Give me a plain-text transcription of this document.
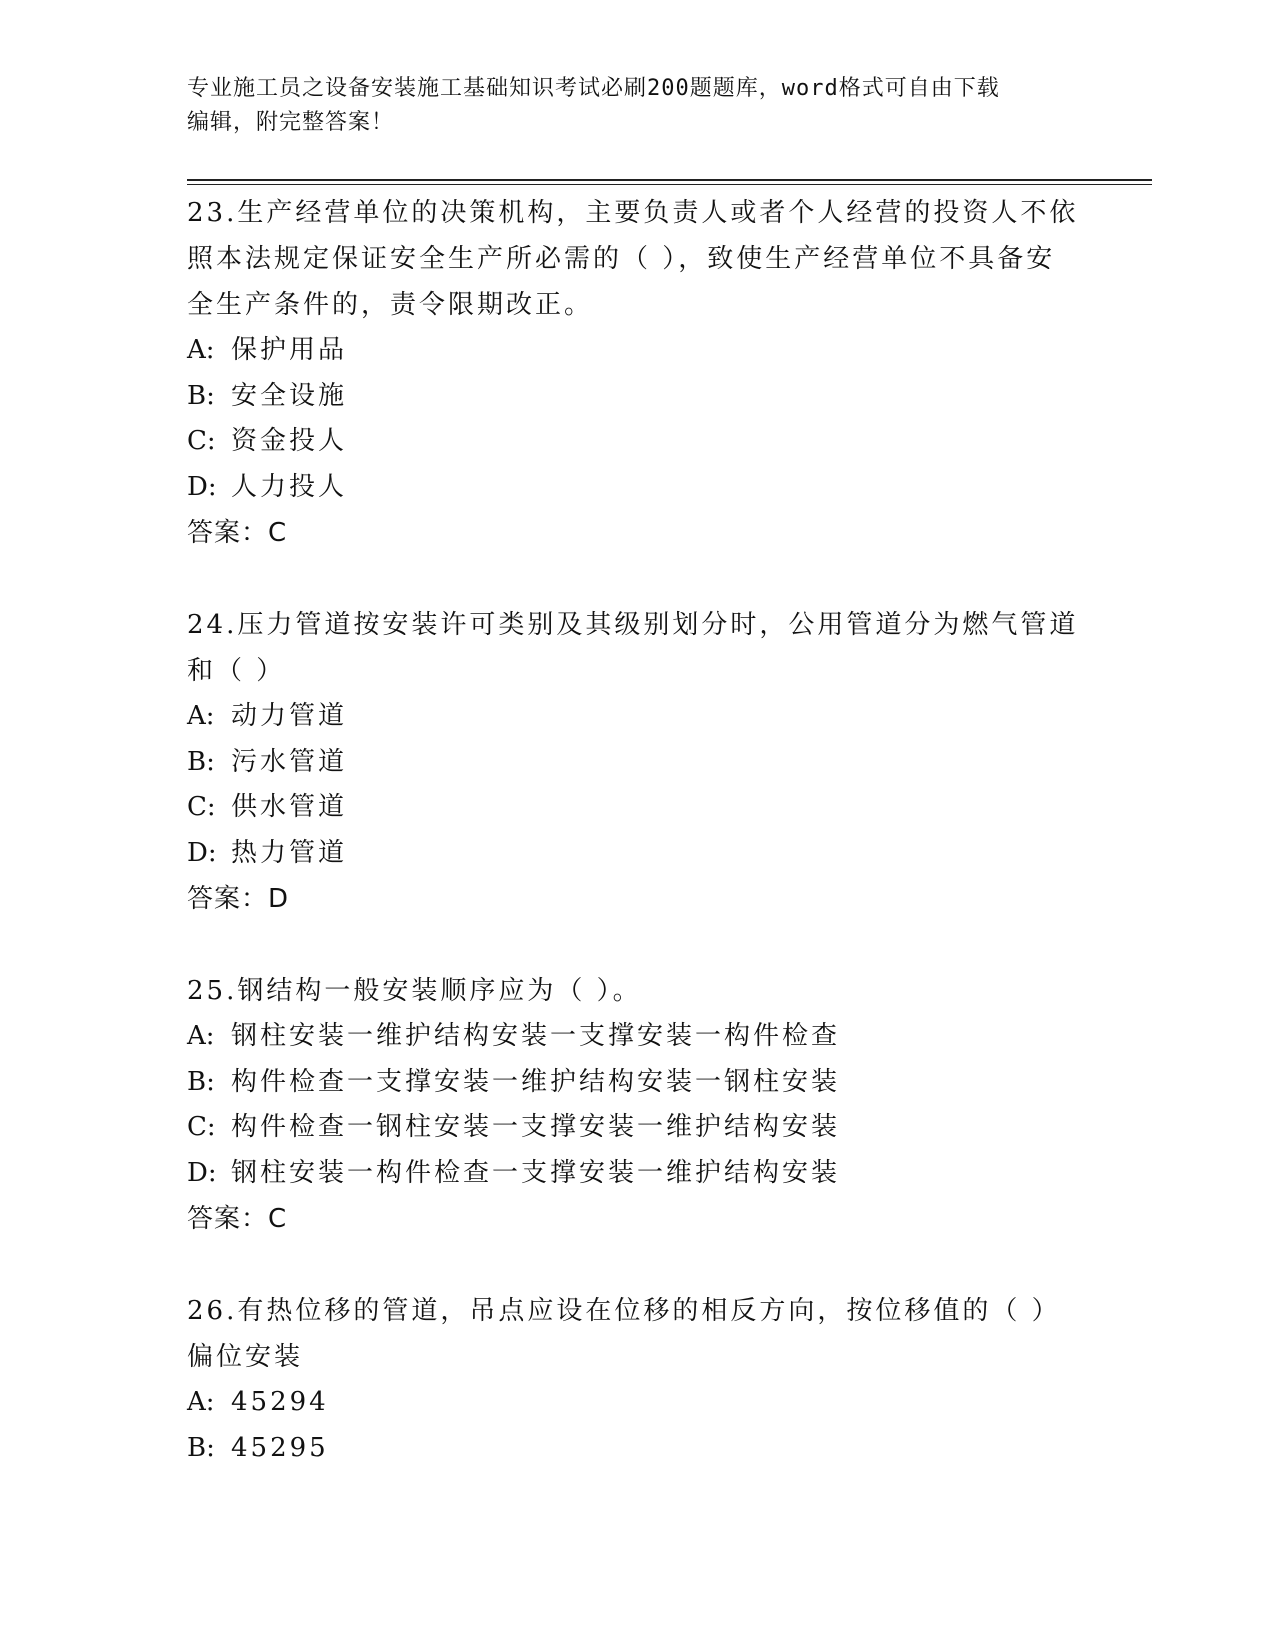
专业施工员之设备安装施工基础知识考试必刷200题题库，word格式可自由下载
编辑，附完整答案！
23.生产经营单位的决策机构，主要负责人或者个人经营的投资人不依
照本法规定保证安全生产所必需的（ ），致使生产经营单位不具备安
全生产条件的，责令限期改正。
A: 保护用品
B: 安全设施
C: 资金投人
D: 人力投人
答案：C
24.压力管道按安装许可类别及其级别划分时，公用管道分为燃气管道
和（ ）
A: 动力管道
B: 污水管道
C: 供水管道
D: 热力管道
答案：D
25.钢结构一般安装顺序应为（ ）。
A: 钢柱安装一维护结构安装一支撑安装一构件检查
B: 构件检查一支撑安装一维护结构安装一钢柱安装
C: 构件检查一钢柱安装一支撑安装一维护结构安装
D: 钢柱安装一构件检查一支撑安装一维护结构安装
答案：C
26.有热位移的管道，吊点应设在位移的相反方向，按位移值的（ ）
偏位安装
A: 45294
B: 45295
